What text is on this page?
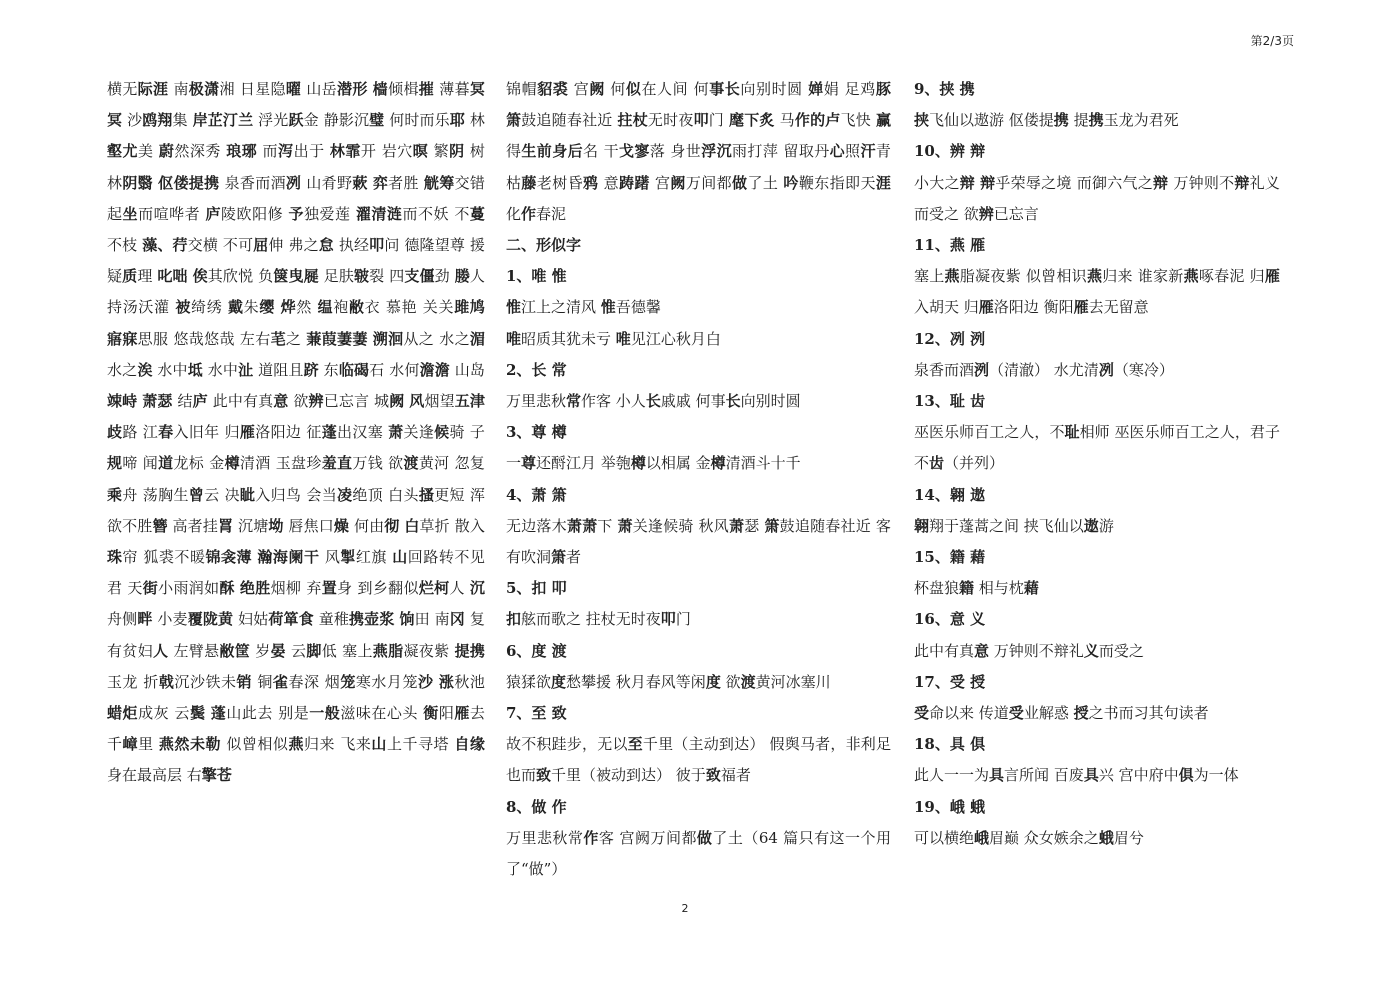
第2/3页

横无际涯 南极潇湘 日星隐曜 山岳潜形 樯倾楫摧 薄暮冥冥 沙鸥翔集 岸芷汀兰 浮光跃金 静影沉璧 何时而乐耶 林壑尤美 蔚然深秀 琅琊 而泻出于 林霏开 岩穴暝 繁阴 树林阴翳 伛偻提携 泉香而酒冽 山肴野蔌 弈者胜 觥筹交错 起坐而喧哗者 庐陵欧阳修 予独爱莲 濯清涟而不妖 不蔓不枝 藻、荇交横 不可屈伸 弗之怠 执经叩问 德隆望尊 援疑质理 叱咄 俟其欣悦 负箧曳屣 足肤皲裂 四支僵劲 媵人持汤沃灌 被绮绣 戴朱缨 烨然 缊袍敝衣 慕艳 关关雎鸠 寤寐思服 悠哉悠哉 左右芼之 蒹葭萋萋 溯洄从之 水之湄 水之涘 水中坻 水中沚 道阻且跻 东临碣石 水何澹澹 山岛竦峙 萧瑟 结庐 此中有真意 欲辨已忘言 城阙 风烟望五津 歧路 江春入旧年 归雁洛阳边 征蓬出汉塞 萧关逢候骑 子规啼 闻道龙标 金樽清酒 玉盘珍羞直万钱 欲渡黄河 忽复乘舟 荡胸生曾云 决眦入归鸟 会当凌绝顶 白头搔更短 浑欲不胜簪 高者挂罥 沉塘坳 唇焦口燥 何由彻 白草折 散入珠帘 狐裘不暖锦衾薄 瀚海阑干 风掣红旗 山回路转不见君 天街小雨润如酥 绝胜烟柳 弃置身 到乡翻似烂柯人 沉舟侧畔 小麦覆陇黄 妇姑荷箪食 童稚携壶浆 饷田 南冈 复有贫妇人 左臂悬敝筐 岁晏 云脚低 塞上燕脂凝夜紫 提携玉龙 折戟沉沙铁未销 铜雀春深 烟笼寒水月笼沙 涨秋池 蜡炬成灰 云鬓 蓬山此去 别是一般滋味在心头 衡阳雁去 千嶂里 燕然未勒 似曾相似燕归来 飞来山上千寻塔 自缘身在最高层 右擎苍

锦帽貂裘 宫阙 何似在人间 何事长向别时圆 婵娟 足鸡豚 箫鼓追随春社近 拄杖无时夜叩门 麾下炙 马作的卢飞快 赢得生前身后名 干戈寥落 身世浮沉雨打萍 留取丹心照汗青 枯藤老树昏鸦 意踌躇 宫阙万间都做了土 吟鞭东指即天涯 化作春泥

二、形似字

1、唯 惟

惟江上之清风 惟吾德馨

唯昭质其犹未亏 唯见江心秋月白

2、长 常

万里悲秋常作客 小人长戚戚 何事长向别时圆

3、尊 樽

一尊还酹江月 举匏樽以相属 金樽清酒斗十千

4、萧 箫

无边落木萧萧下 萧关逢候骑 秋风萧瑟 箫鼓追随春社近 客有吹洞箫者

5、扣 叩

扣舷而歌之 拄杖无时夜叩门

6、度 渡

猿猱欲度愁攀援 秋月春风等闲度 欲渡黄河冰塞川

7、至 致

故不积跬步，无以至千里（主动到达） 假舆马者，非利足也而致千里（被动到达） 彼于致福者

8、做 作

万里悲秋常作客 宫阙万间都做了土（64 篇只有这一个用了“做”）

9、挟 携

挟飞仙以遨游 伛偻提携 提携玉龙为君死

10、辨 辩

小大之辩 辩乎荣辱之境 而御六气之辩 万钟则不辩礼义而受之 欲辨已忘言

11、燕 雁

塞上燕脂凝夜紫 似曾相识燕归来 谁家新燕啄春泥 归雁入胡天 归雁洛阳边 衡阳雁去无留意

12、冽 洌

泉香而酒洌（清澈） 水尤清冽（寒冷）

13、耻 齿

巫医乐师百工之人，不耻相师 巫医乐师百工之人，君子不齿（并列）

14、翱 遨

翱翔于蓬蒿之间 挟飞仙以遨游

15、籍 藉

杯盘狼籍 相与枕藉

16、意 义

此中有真意 万钟则不辩礼义而受之

17、受 授

受命以来 传道受业解惑 授之书而习其句读者

18、具 俱

此人一一为具言所闻 百废具兴 宫中府中俱为一体

19、峨 蛾

可以横绝峨眉巅 众女嫉余之蛾眉兮

2
